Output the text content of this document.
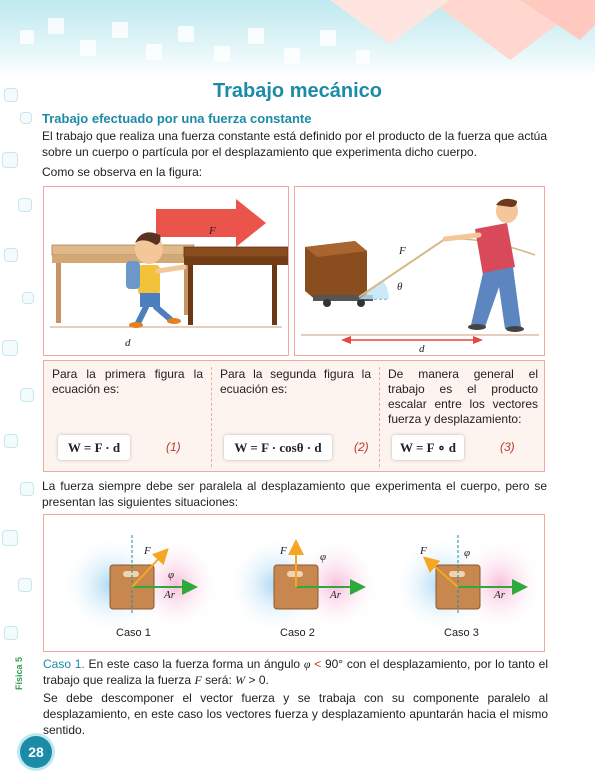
Trabajo mecánico
Trabajo efectuado por una fuerza constante

El trabajo que realiza una fuerza constante está definido por el producto de la fuerza que actúa sobre un cuerpo o partícula por el desplazamiento que experimenta dicho cuerpo.

Como se observa en la figura:

F
d
F
θ
d
Para la primera figura la ecuación es:
W = F · d	(1)
Para la segunda figura la ecuación es:
W = F · cosθ · d	(2)
De manera general el trabajo es el producto escalar entre los vectores fuerza y desplazamiento:
W = F ∘ d	(3)

La fuerza siempre debe ser paralela al desplazamiento que experimenta el cuerpo, pero se presentan las siguientes situaciones:

F
φ
Ar
Caso 1
F	φ
Ar
Caso 2
F	φ
Ar
Caso 3

Caso 1. En este caso la fuerza forma un ángulo φ < 90° con el desplazamiento, por lo tanto el trabajo que realiza la fuerza F será: W > 0.

Se debe descomponer el vector fuerza y se trabaja con su componente paralelo al desplazamiento, en este caso los vectores fuerza y desplazamiento apuntarán hacia el mismo sentido.

Física 5
28
